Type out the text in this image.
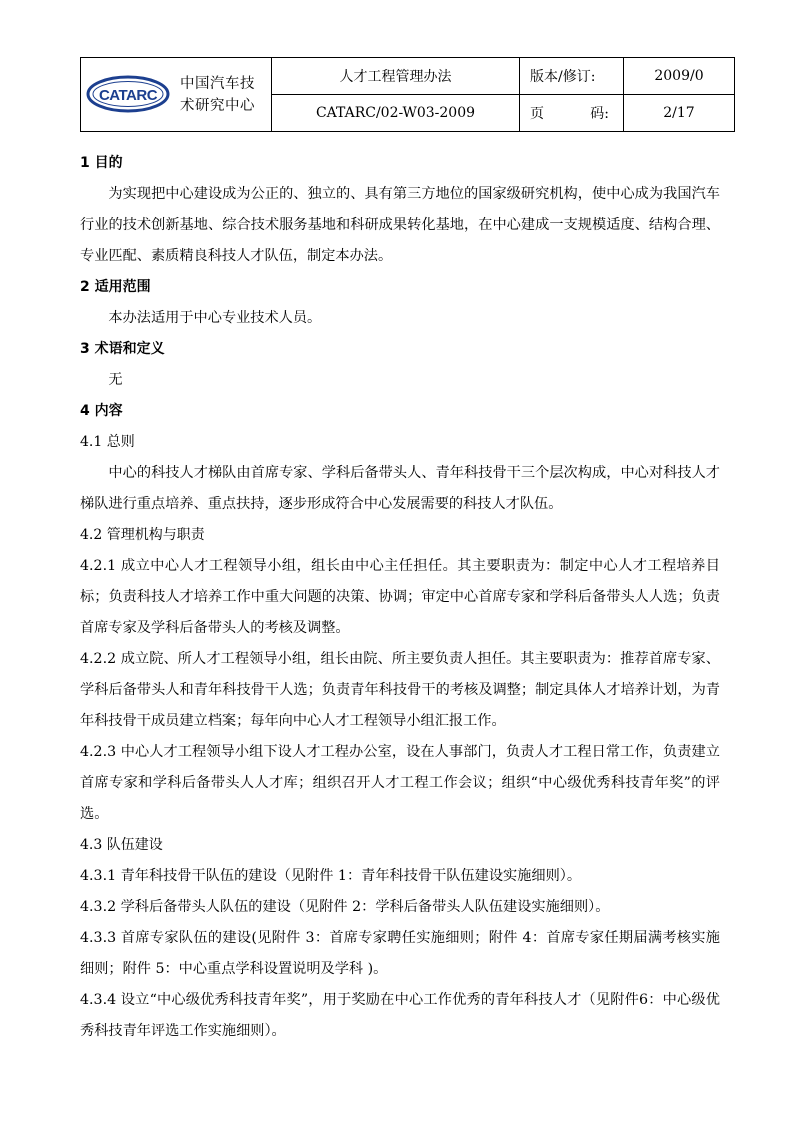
CATARC
中国汽车技
术研究中心	人才工程管理办法	版本/修订:	2009/0
	CATARC/02-W03-2009	页 码:	2/17
1 目的
为实现把中心建设成为公正的、独立的、具有第三方地位的国家级研究机构，使中心成为我国汽车行业的技术创新基地、综合技术服务基地和科研成果转化基地，在中心建成一支规模适度、结构合理、专业匹配、素质精良科技人才队伍，制定本办法。
2 适用范围
本办法适用于中心专业技术人员。
3 术语和定义
无
4 内容
4.1 总则
中心的科技人才梯队由首席专家、学科后备带头人、青年科技骨干三个层次构成，中心对科技人才梯队进行重点培养、重点扶持，逐步形成符合中心发展需要的科技人才队伍。
4.2 管理机构与职责
4.2.1 成立中心人才工程领导小组，组长由中心主任担任。其主要职责为：制定中心人才工程培养目标；负责科技人才培养工作中重大问题的决策、协调；审定中心首席专家和学科后备带头人人选；负责首席专家及学科后备带头人的考核及调整。
4.2.2 成立院、所人才工程领导小组，组长由院、所主要负责人担任。其主要职责为：推荐首席专家、学科后备带头人和青年科技骨干人选；负责青年科技骨干的考核及调整；制定具体人才培养计划，为青年科技骨干成员建立档案；每年向中心人才工程领导小组汇报工作。
4.2.3 中心人才工程领导小组下设人才工程办公室，设在人事部门，负责人才工程日常工作，负责建立首席专家和学科后备带头人人才库；组织召开人才工程工作会议；组织“中心级优秀科技青年奖”的评选。
4.3 队伍建设
4.3.1 青年科技骨干队伍的建设（见附件 1：青年科技骨干队伍建设实施细则）。
4.3.2 学科后备带头人队伍的建设（见附件 2：学科后备带头人队伍建设实施细则）。
4.3.3 首席专家队伍的建设(见附件 3：首席专家聘任实施细则；附件 4：首席专家任期届满考核实施细则；附件 5：中心重点学科设置说明及学科 )。
4.3.4 设立“中心级优秀科技青年奖”，用于奖励在中心工作优秀的青年科技人才（见附件6：中心级优秀科技青年评选工作实施细则）。
